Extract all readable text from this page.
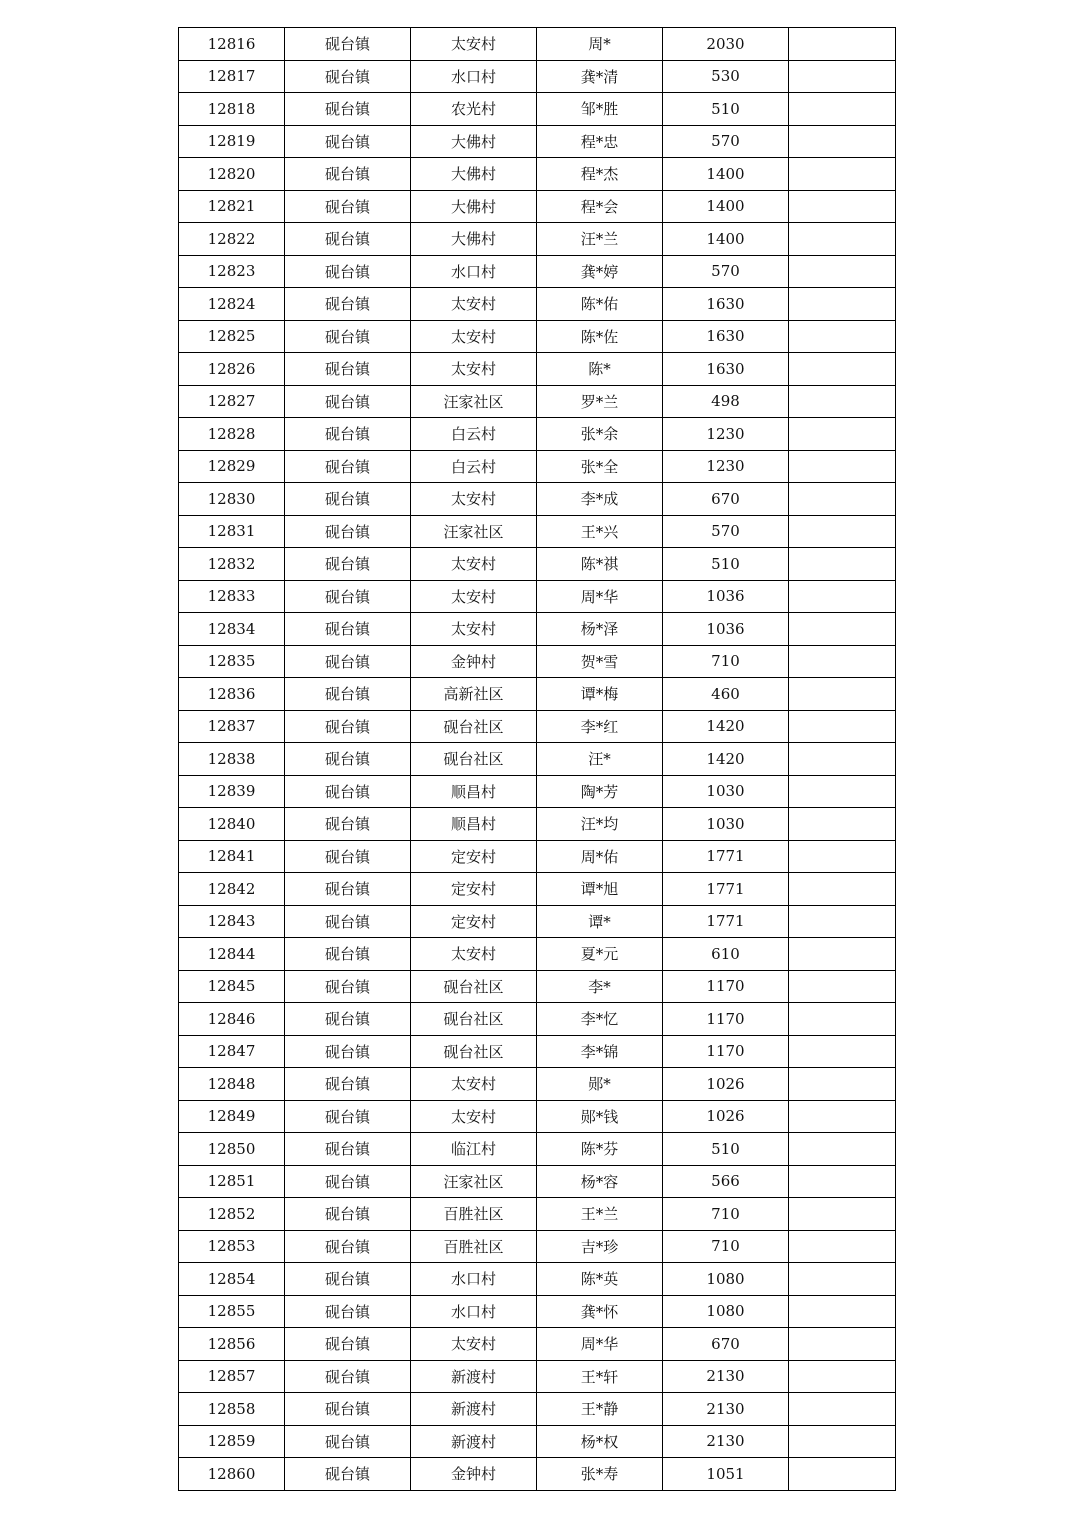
12816	砚台镇	太安村	周*	2030	
12817	砚台镇	水口村	龚*清	530	
12818	砚台镇	农光村	邹*胜	510	
12819	砚台镇	大佛村	程*忠	570	
12820	砚台镇	大佛村	程*杰	1400	
12821	砚台镇	大佛村	程*会	1400	
12822	砚台镇	大佛村	汪*兰	1400	
12823	砚台镇	水口村	龚*婷	570	
12824	砚台镇	太安村	陈*佑	1630	
12825	砚台镇	太安村	陈*佐	1630	
12826	砚台镇	太安村	陈*	1630	
12827	砚台镇	汪家社区	罗*兰	498	
12828	砚台镇	白云村	张*余	1230	
12829	砚台镇	白云村	张*全	1230	
12830	砚台镇	太安村	李*成	670	
12831	砚台镇	汪家社区	王*兴	570	
12832	砚台镇	太安村	陈*祺	510	
12833	砚台镇	太安村	周*华	1036	
12834	砚台镇	太安村	杨*泽	1036	
12835	砚台镇	金钟村	贺*雪	710	
12836	砚台镇	高新社区	谭*梅	460	
12837	砚台镇	砚台社区	李*红	1420	
12838	砚台镇	砚台社区	汪*	1420	
12839	砚台镇	顺昌村	陶*芳	1030	
12840	砚台镇	顺昌村	汪*均	1030	
12841	砚台镇	定安村	周*佑	1771	
12842	砚台镇	定安村	谭*旭	1771	
12843	砚台镇	定安村	谭*	1771	
12844	砚台镇	太安村	夏*元	610	
12845	砚台镇	砚台社区	李*	1170	
12846	砚台镇	砚台社区	李*忆	1170	
12847	砚台镇	砚台社区	李*锦	1170	
12848	砚台镇	太安村	郧*	1026	
12849	砚台镇	太安村	郧*钱	1026	
12850	砚台镇	临江村	陈*芬	510	
12851	砚台镇	汪家社区	杨*容	566	
12852	砚台镇	百胜社区	王*兰	710	
12853	砚台镇	百胜社区	吉*珍	710	
12854	砚台镇	水口村	陈*英	1080	
12855	砚台镇	水口村	龚*怀	1080	
12856	砚台镇	太安村	周*华	670	
12857	砚台镇	新渡村	王*轩	2130	
12858	砚台镇	新渡村	王*静	2130	
12859	砚台镇	新渡村	杨*权	2130	
12860	砚台镇	金钟村	张*寿	1051	
